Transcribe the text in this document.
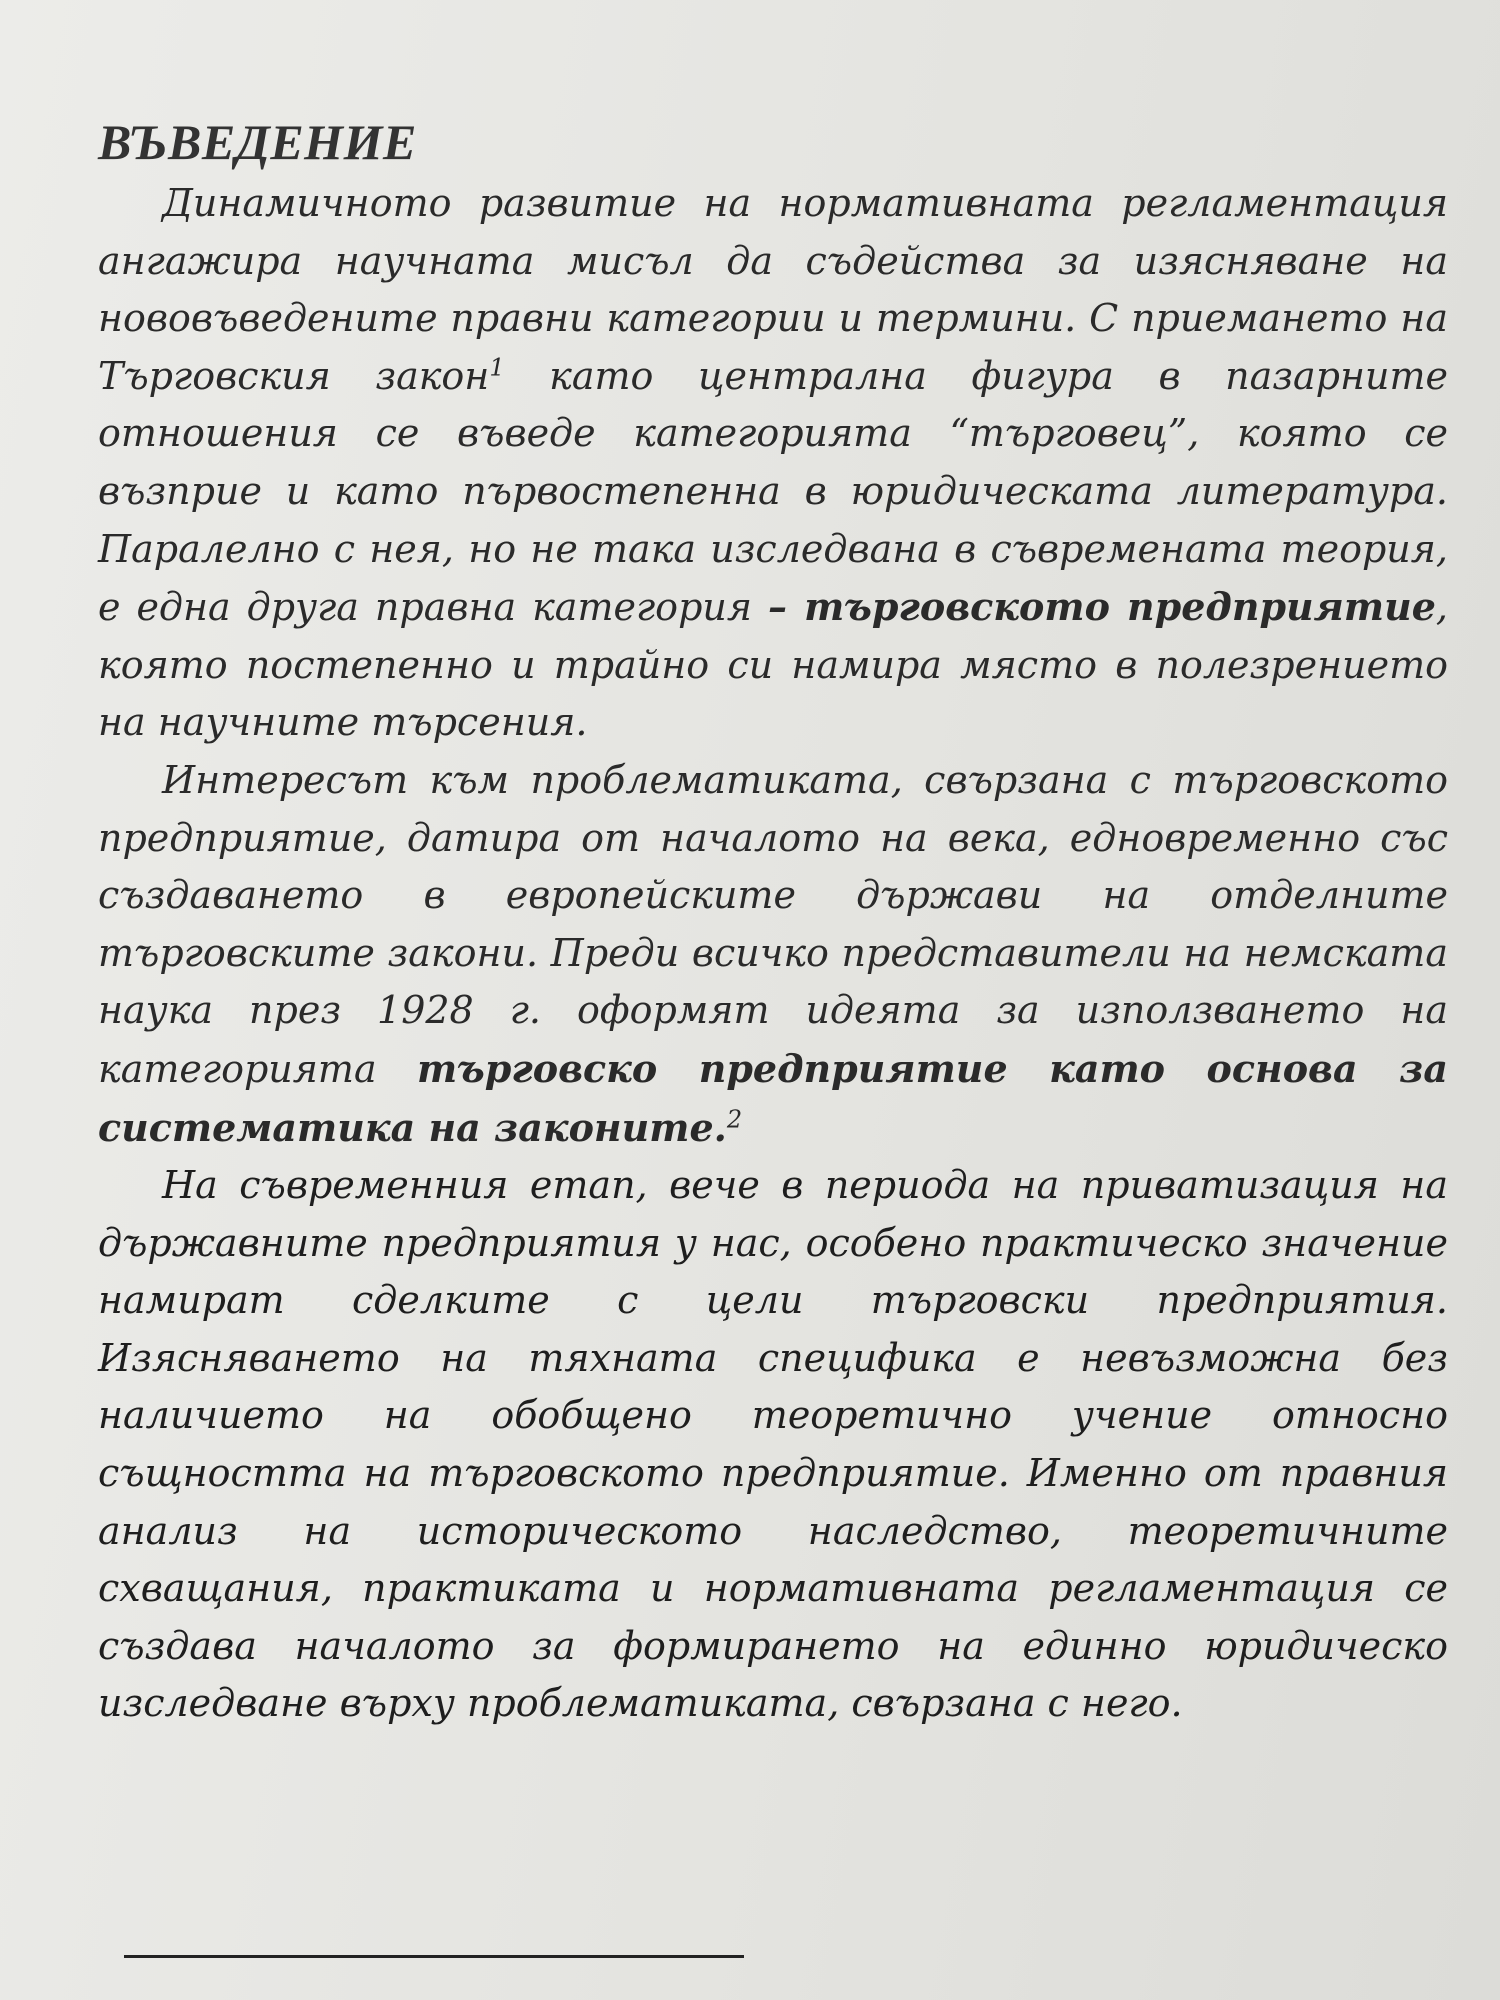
ВЪВЕДЕНИЕ

Динамичното развитие на нормативната регламентация ангажира научната мисъл да съдейства за изясняване на нововъведените правни категории и термини. С приемането на Търговския закон$^1$ като централна фигура в пазарните отношения се въведе категорията “търговец”, която се възприе и като първостепенна в юридическата литература. Паралелно с нея, но не така изследвана в съвремената теория, е една друга правна категория – търговското предприятие, която постепенно и трайно си намира място в полезрението на научните търсения.

Интересът към проблематиката, свързана с търговското предприятие, датира от началото на века, едновременно със създаването в европейските държави на отделните търговските закони. Преди всичко представители на немската наука през 1928 г. оформят идеята за използването на категорията търговско предприятие като основа за систематика на законите.$^2$

На съвременния етап, вече в периода на приватизация на държавните предприятия у нас, особено практическо значение намират сделките с цели търговски предприятия. Изясняването на тяхната специфика е невъзможна без наличието на обобщено теоретично учение относно същността на търговското предприятие. Именно от правния анализ на историческото наследство, теоретичните схващания, практиката и нормативната регламентация се създава началото за формирането на единно юридическо изследване върху проблематиката, свързана с него.
